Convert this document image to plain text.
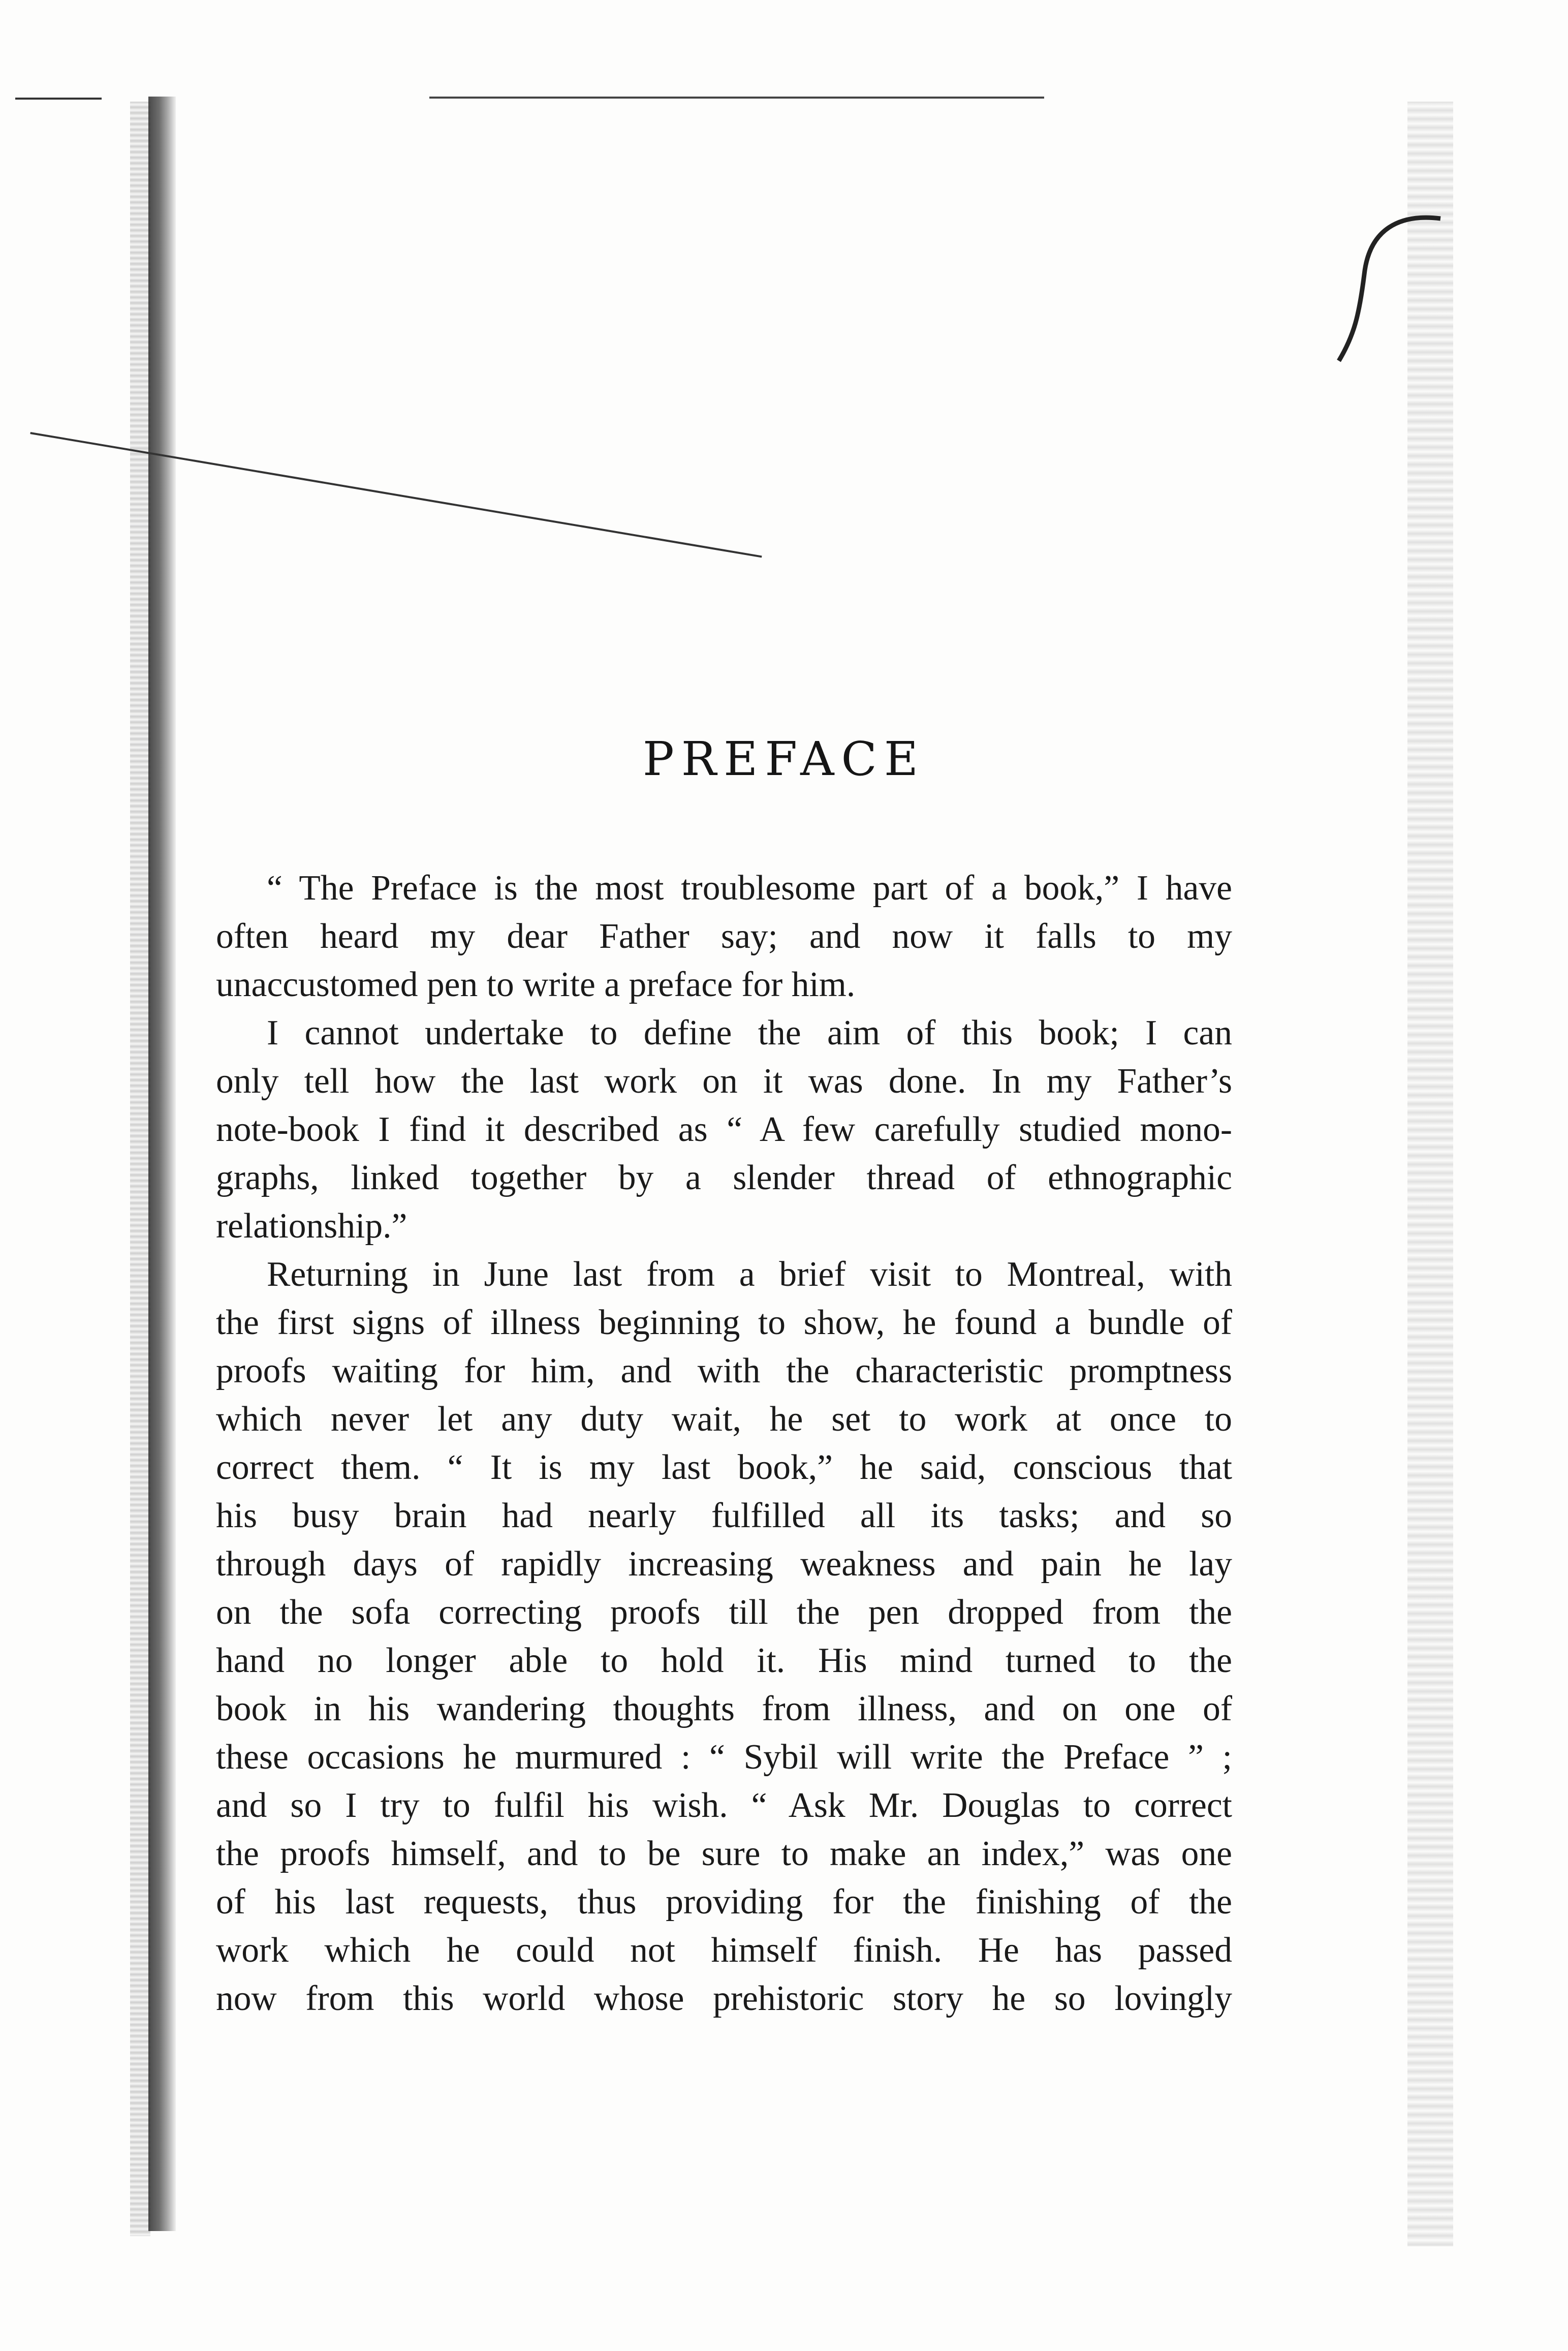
PREFACE
“ The Preface is the most troublesome part of a book,” I have
often heard my dear Father say; and now it falls to my
unaccustomed pen to write a preface for him.
I cannot undertake to define the aim of this book; I can
only tell how the last work on it was done. In my Father’s
note-book I find it described as “ A few carefully studied mono-
graphs, linked together by a slender thread of ethnographic
relationship.”
Returning in June last from a brief visit to Montreal, with
the first signs of illness beginning to show, he found a bundle of
proofs waiting for him, and with the characteristic promptness
which never let any duty wait, he set to work at once to
correct them. “ It is my last book,” he said, conscious that
his busy brain had nearly fulfilled all its tasks; and so
through days of rapidly increasing weakness and pain he lay
on the sofa correcting proofs till the pen dropped from the
hand no longer able to hold it. His mind turned to the
book in his wandering thoughts from illness, and on one of
these occasions he murmured : “ Sybil will write the Preface ” ;
and so I try to fulfil his wish. “ Ask Mr. Douglas to correct
the proofs himself, and to be sure to make an index,” was one
of his last requests, thus providing for the finishing of the
work which he could not himself finish. He has passed
now from this world whose prehistoric story he so lovingly
